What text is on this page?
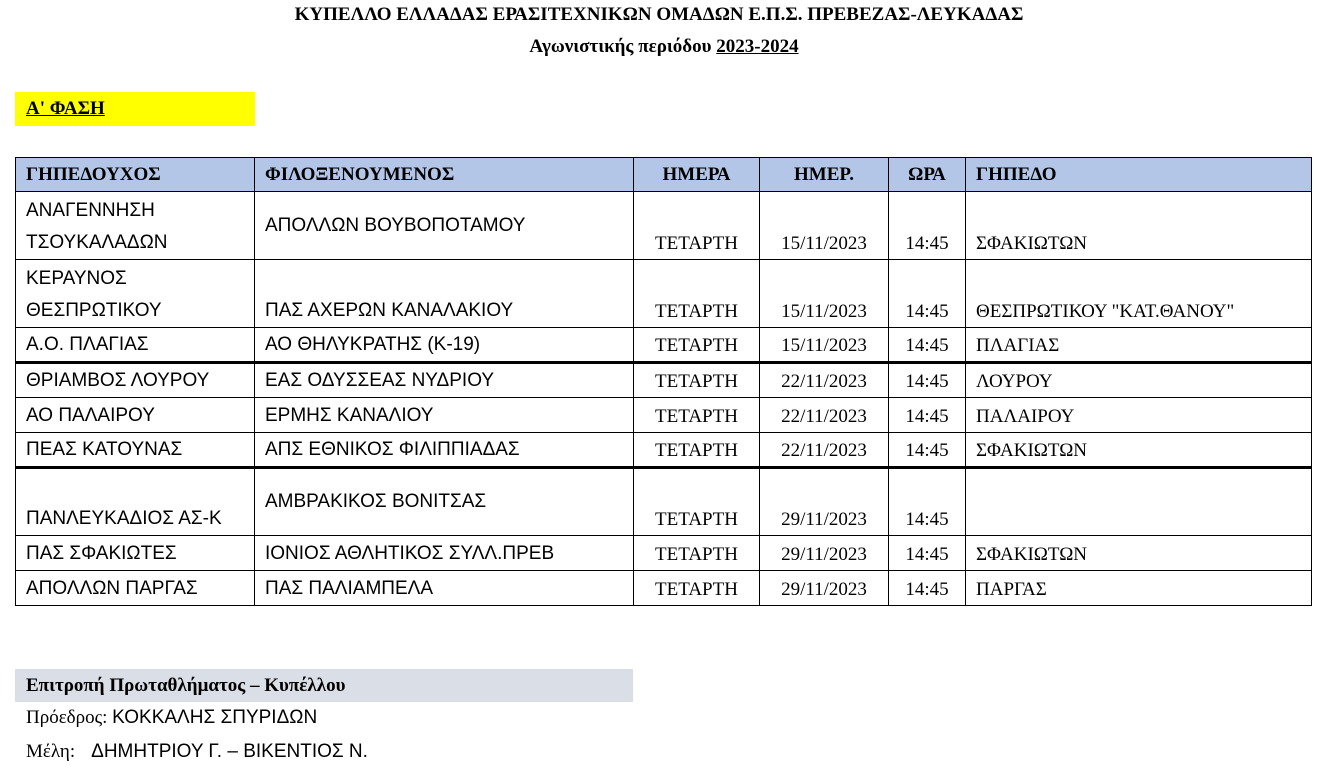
ΚΥΠΕΛΛΟ ΕΛΛΑΔΑΣ ΕΡΑΣΙΤΕΧΝΙΚΩΝ ΟΜΑΔΩΝ Ε.Π.Σ. ΠΡΕΒΕΖΑΣ-ΛΕΥΚΑΔΑΣ
Αγωνιστικής περιόδου 2023-2024
Α' ΦΑΣΗ
ΓΗΠΕΔΟΥΧΟΣ	ΦΙΛΟΞΕΝΟΥΜΕΝΟΣ	ΗΜΕΡΑ	ΗΜΕΡ.	ΩΡΑ	ΓΗΠΕΔΟ
ΑΝΑΓΕΝΝΗΣΗ ΤΣΟΥΚΑΛΑΔΩΝ	ΑΠΟΛΛΩΝ ΒΟΥΒΟΠΟΤΑΜΟΥ	ΤΕΤΑΡΤΗ	15/11/2023	14:45	ΣΦΑΚΙΩΤΩΝ
ΚΕΡΑΥΝΟΣ ΘΕΣΠΡΩΤΙΚΟΥ	ΠΑΣ ΑΧΕΡΩΝ ΚΑΝΑΛΑΚΙΟΥ	ΤΕΤΑΡΤΗ	15/11/2023	14:45	ΘΕΣΠΡΩΤΙΚΟΥ "ΚΑΤ.ΘΑΝΟΥ"
Α.Ο. ΠΛΑΓΙΑΣ	ΑΟ ΘΗΛΥΚΡΑΤΗΣ (Κ-19)	ΤΕΤΑΡΤΗ	15/11/2023	14:45	ΠΛΑΓΙΑΣ
ΘΡΙΑΜΒΟΣ ΛΟΥΡΟΥ	ΕΑΣ ΟΔΥΣΣΕΑΣ ΝΥΔΡΙΟΥ	ΤΕΤΑΡΤΗ	22/11/2023	14:45	ΛΟΥΡΟΥ
ΑΟ ΠΑΛΑΙΡΟΥ	ΕΡΜΗΣ ΚΑΝΑΛΙΟΥ	ΤΕΤΑΡΤΗ	22/11/2023	14:45	ΠΑΛΑΙΡΟΥ
ΠΕΑΣ ΚΑΤΟΥΝΑΣ	ΑΠΣ ΕΘΝΙΚΟΣ ΦΙΛΙΠΠΙΑΔΑΣ	ΤΕΤΑΡΤΗ	22/11/2023	14:45	ΣΦΑΚΙΩΤΩΝ
ΠΑΝΛΕΥΚΑΔΙΟΣ ΑΣ-Κ	ΑΜΒΡΑΚΙΚΟΣ ΒΟΝΙΤΣΑΣ	ΤΕΤΑΡΤΗ	29/11/2023	14:45	
ΠΑΣ ΣΦΑΚΙΩΤΕΣ	ΙΟΝΙΟΣ ΑΘΛΗΤΙΚΟΣ ΣΥΛΛ.ΠΡΕΒ	ΤΕΤΑΡΤΗ	29/11/2023	14:45	ΣΦΑΚΙΩΤΩΝ
ΑΠΟΛΛΩΝ ΠΑΡΓΑΣ	ΠΑΣ ΠΑΛΙΑΜΠΕΛΑ	ΤΕΤΑΡΤΗ	29/11/2023	14:45	ΠΑΡΓΑΣ
Επιτροπή Πρωταθλήματος – Κυπέλλου
Πρόεδρος: ΚΟΚΚΑΛΗΣ ΣΠΥΡΙΔΩΝ
Μέλη: ΔΗΜΗΤΡΙΟΥ Γ. – ΒΙΚΕΝΤΙΟΣ Ν.
